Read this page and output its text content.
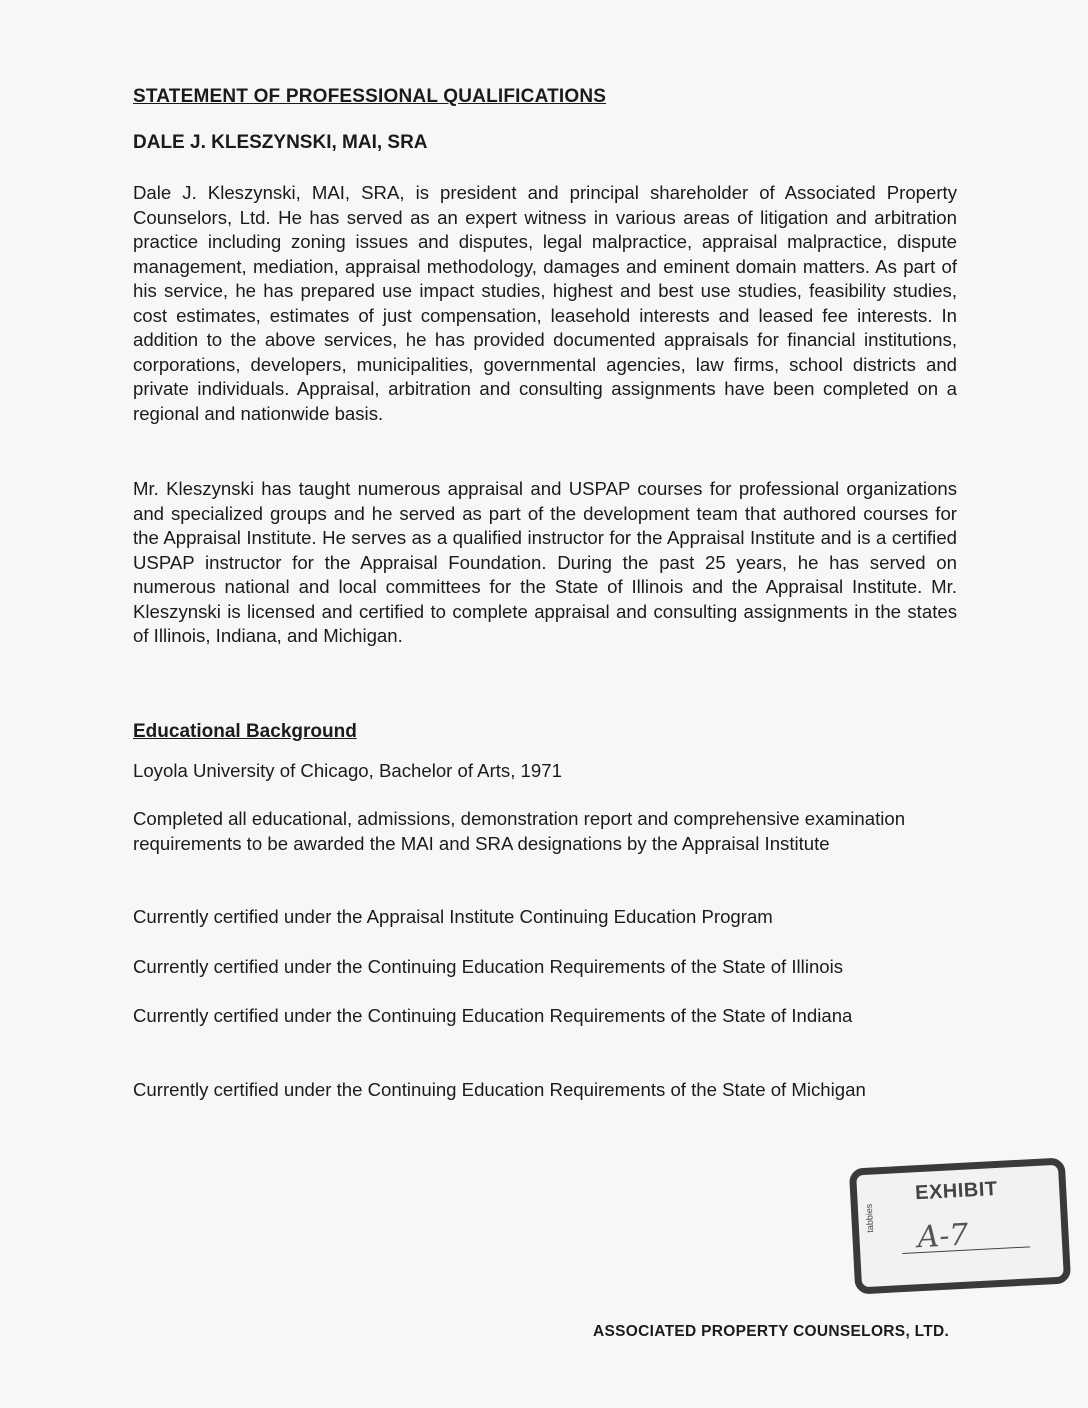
STATEMENT OF PROFESSIONAL QUALIFICATIONS
DALE J. KLESZYNSKI, MAI, SRA

Dale J. Kleszynski, MAI, SRA, is president and principal shareholder of Associated Property Counselors, Ltd. He has served as an expert witness in various areas of litigation and arbitration practice including zoning issues and disputes, legal malpractice, appraisal malpractice, dispute management, mediation, appraisal methodology, damages and eminent domain matters. As part of his service, he has prepared use impact studies, highest and best use studies, feasibility studies, cost estimates, estimates of just compensation, leasehold interests and leased fee interests. In addition to the above services, he has provided documented appraisals for financial institutions, corporations, developers, municipalities, governmental agencies, law firms, school districts and private individuals. Appraisal, arbitration and consulting assignments have been completed on a regional and nationwide basis.

Mr. Kleszynski has taught numerous appraisal and USPAP courses for professional organizations and specialized groups and he served as part of the development team that authored courses for the Appraisal Institute. He serves as a qualified instructor for the Appraisal Institute and is a certified USPAP instructor for the Appraisal Foundation. During the past 25 years, he has served on numerous national and local committees for the State of Illinois and the Appraisal Institute. Mr. Kleszynski is licensed and certified to complete appraisal and consulting assignments in the states of Illinois, Indiana, and Michigan.

Educational Background

Loyola University of Chicago, Bachelor of Arts, 1971

Completed all educational, admissions, demonstration report and comprehensive examination requirements to be awarded the MAI and SRA designations by the Appraisal Institute

Currently certified under the Appraisal Institute Continuing Education Program

Currently certified under the Continuing Education Requirements of the State of Illinois

Currently certified under the Continuing Education Requirements of the State of Indiana

Currently certified under the Continuing Education Requirements of the State of Michigan

EXHIBIT
tabbies A-7
ASSOCIATED PROPERTY COUNSELORS, LTD.
